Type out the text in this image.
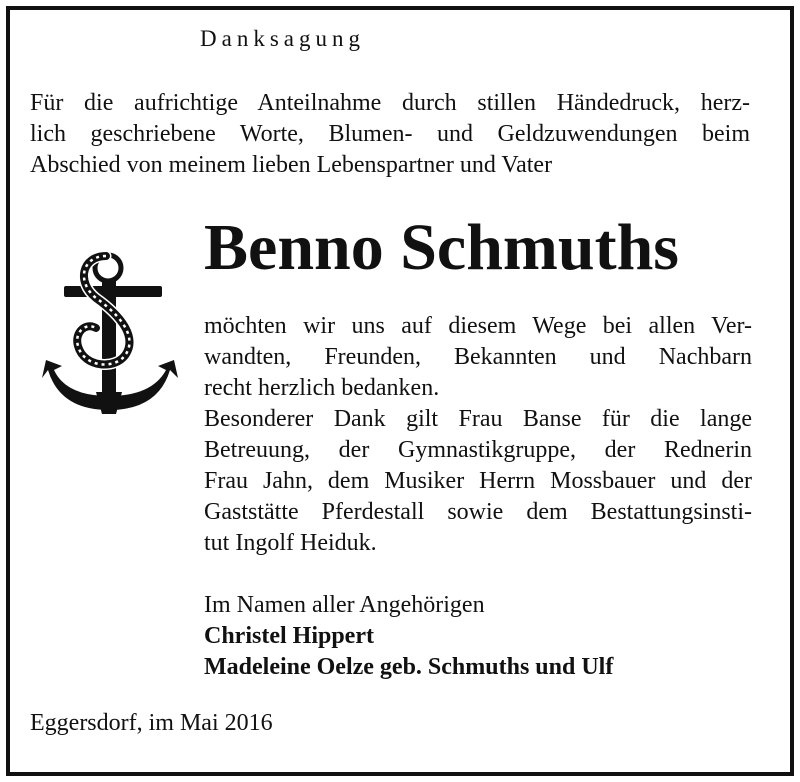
Danksagung
Für die aufrichtige Anteilnahme durch stillen Händedruck, herz-
lich geschriebene Worte, Blumen- und Geldzuwendungen beim
Abschied von meinem lieben Lebenspartner und Vater
Benno Schmuths
möchten wir uns auf diesem Wege bei allen Ver-
wandten, Freunden, Bekannten und Nachbarn
recht herzlich bedanken.
Besonderer Dank gilt Frau Banse für die lange
Betreuung, der Gymnastikgruppe, der Rednerin
Frau Jahn, dem Musiker Herrn Mossbauer und der
Gaststätte Pferdestall sowie dem Bestattungsinsti-
tut Ingolf Heiduk.
Im Namen aller Angehörigen
Christel Hippert
Madeleine Oelze geb. Schmuths und Ulf
Eggersdorf, im Mai 2016
